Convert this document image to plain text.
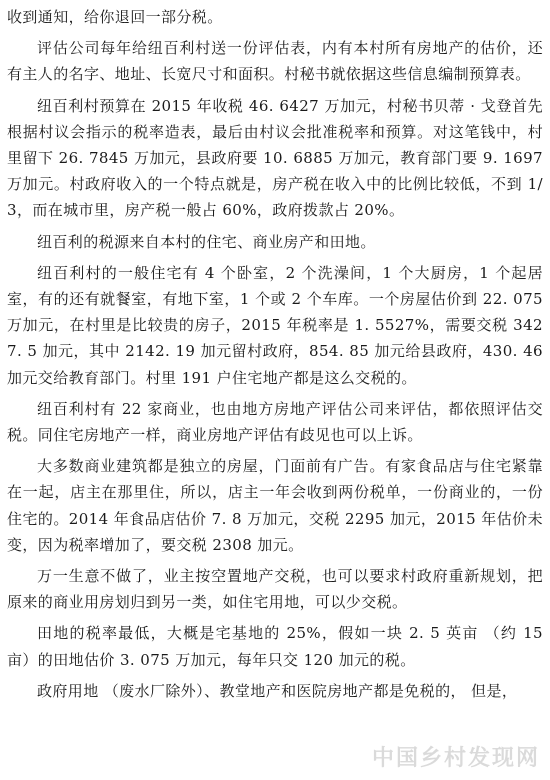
收到通知，给你退回一部分税。

评估公司每年给纽百利村送一份评估表，内有本村所有房地产的估价，还有主人的名字、地址、长宽尺寸和面积。村秘书就依据这些信息编制预算表。

纽百利村预算在 2015 年收税 46. 6427 万加元，村秘书贝蒂 · 戈登首先根据村议会指示的税率造表，最后由村议会批准税率和预算。对这笔钱中，村里留下 26. 7845 万加元，县政府要 10. 6885 万加元，教育部门要 9. 1697 万加元。村政府收入的一个特点就是，房产税在收入中的比例比较低，不到 1/3，而在城市里，房产税一般占 60%，政府拨款占 20%。

纽百利的税源来自本村的住宅、商业房产和田地。

纽百利村的一般住宅有 4 个卧室，2 个洗澡间，1 个大厨房，1 个起居室，有的还有就餐室，有地下室，1 个或 2 个车库。一个房屋估价到 22. 075 万加元，在村里是比较贵的房子，2015 年税率是 1. 5527%，需要交税 3427. 5 加元，其中 2142. 19 加元留村政府，854. 85 加元给县政府，430. 46 加元交给教育部门。村里 191 户住宅地产都是这么交税的。

纽百利村有 22 家商业，也由地方房地产评估公司来评估，都依照评估交税。同住宅房地产一样，商业房地产评估有歧见也可以上诉。

大多数商业建筑都是独立的房屋，门面前有广告。有家食品店与住宅紧靠在一起，店主在那里住，所以，店主一年会收到两份税单，一份商业的，一份住宅的。2014 年食品店估价 7. 8 万加元，交税 2295 加元，2015 年估价未变，因为税率增加了，要交税 2308 加元。

万一生意不做了，业主按空置地产交税，也可以要求村政府重新规划，把原来的商业用房划归到另一类，如住宅用地，可以少交税。

田地的税率最低，大概是宅基地的 25%，假如一块 2. 5 英亩 （约 15 亩）的田地估价 3. 075 万加元，每年只交 120 加元的税。

政府用地 （废水厂除外）、教堂地产和医院房地产都是免税的， 但是，

中国乡村发现网
